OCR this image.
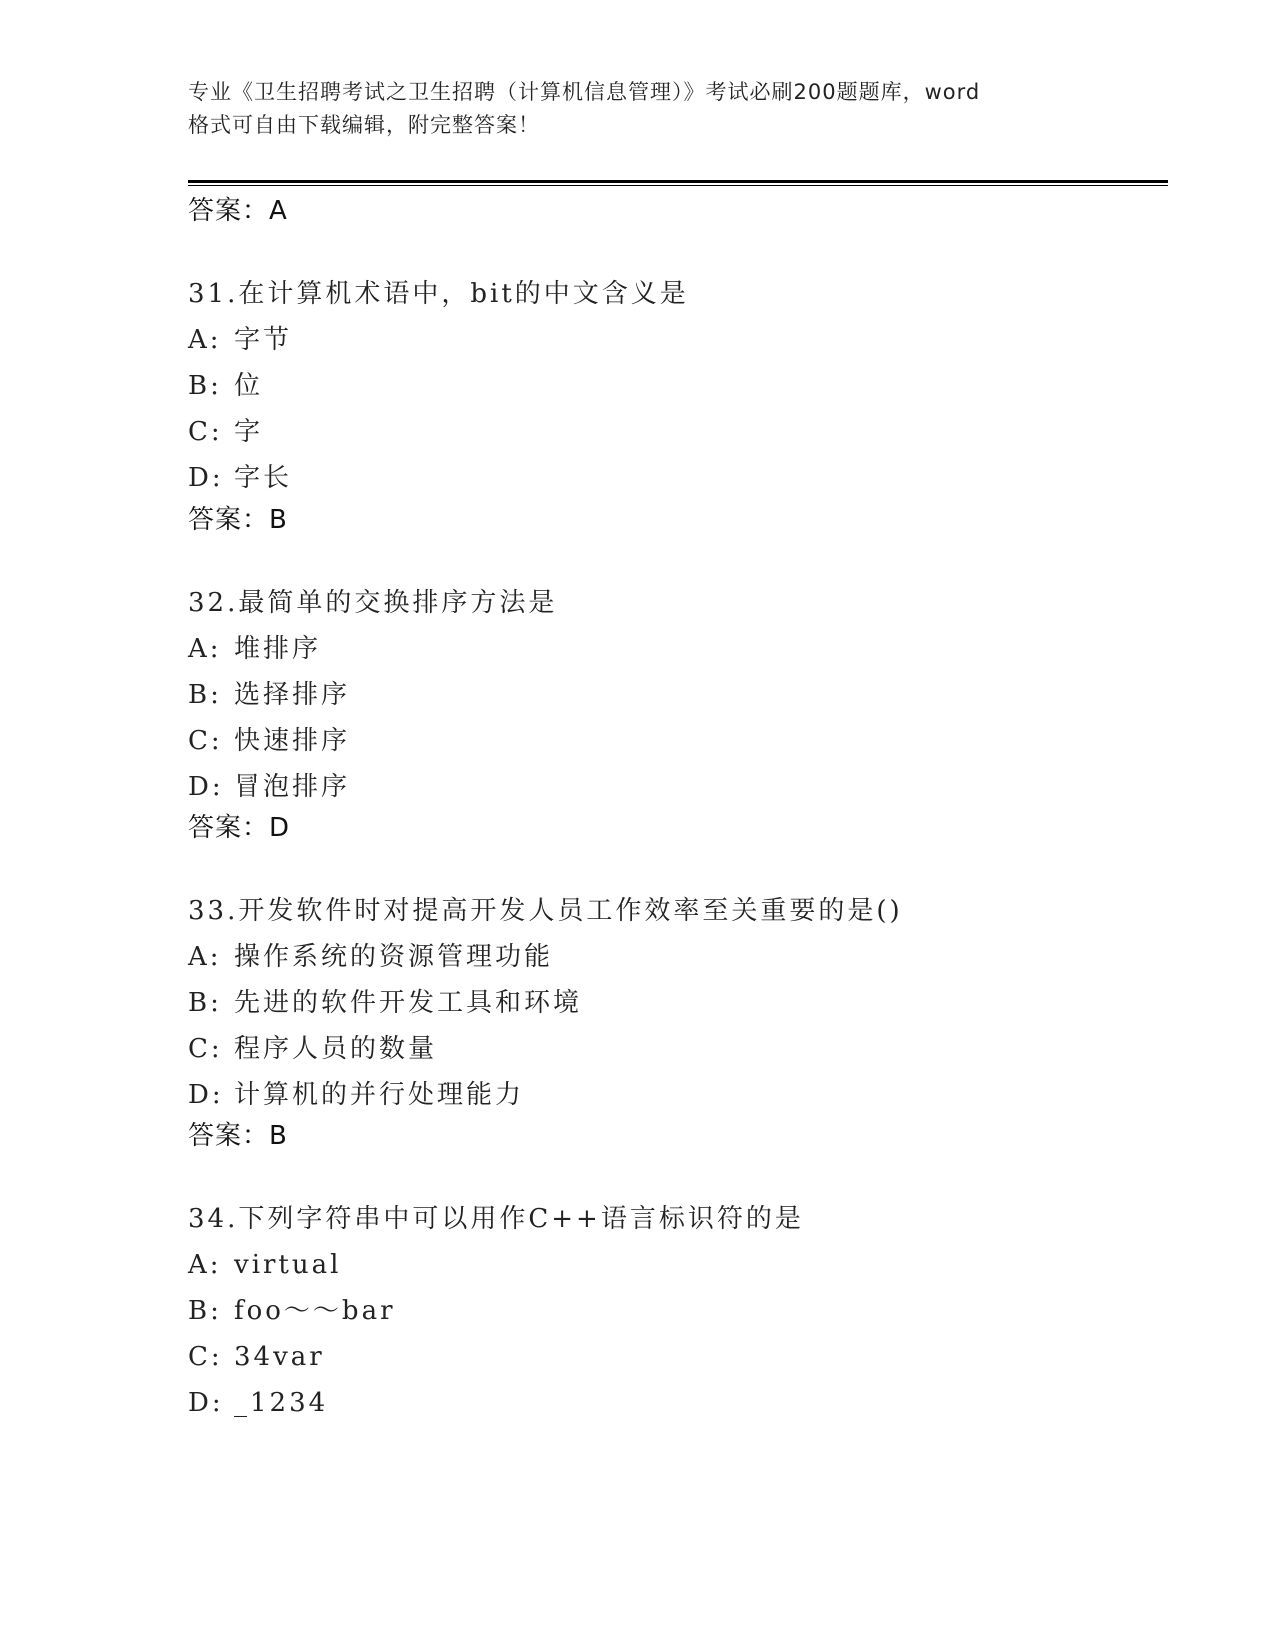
专业《卫生招聘考试之卫生招聘（计算机信息管理）》考试必刷200题题库，word
格式可自由下载编辑，附完整答案！
答案：A
31.在计算机术语中，bit的中文含义是
A: 字节
B: 位
C: 字
D: 字长
答案：B
32.最简单的交换排序方法是
A: 堆排序
B: 选择排序
C: 快速排序
D: 冒泡排序
答案：D
33.开发软件时对提高开发人员工作效率至关重要的是()
A: 操作系统的资源管理功能
B: 先进的软件开发工具和环境
C: 程序人员的数量
D: 计算机的并行处理能力
答案：B
34.下列字符串中可以用作C++语言标识符的是
A: virtual
B: foo～～bar
C: 34var
D: _1234
